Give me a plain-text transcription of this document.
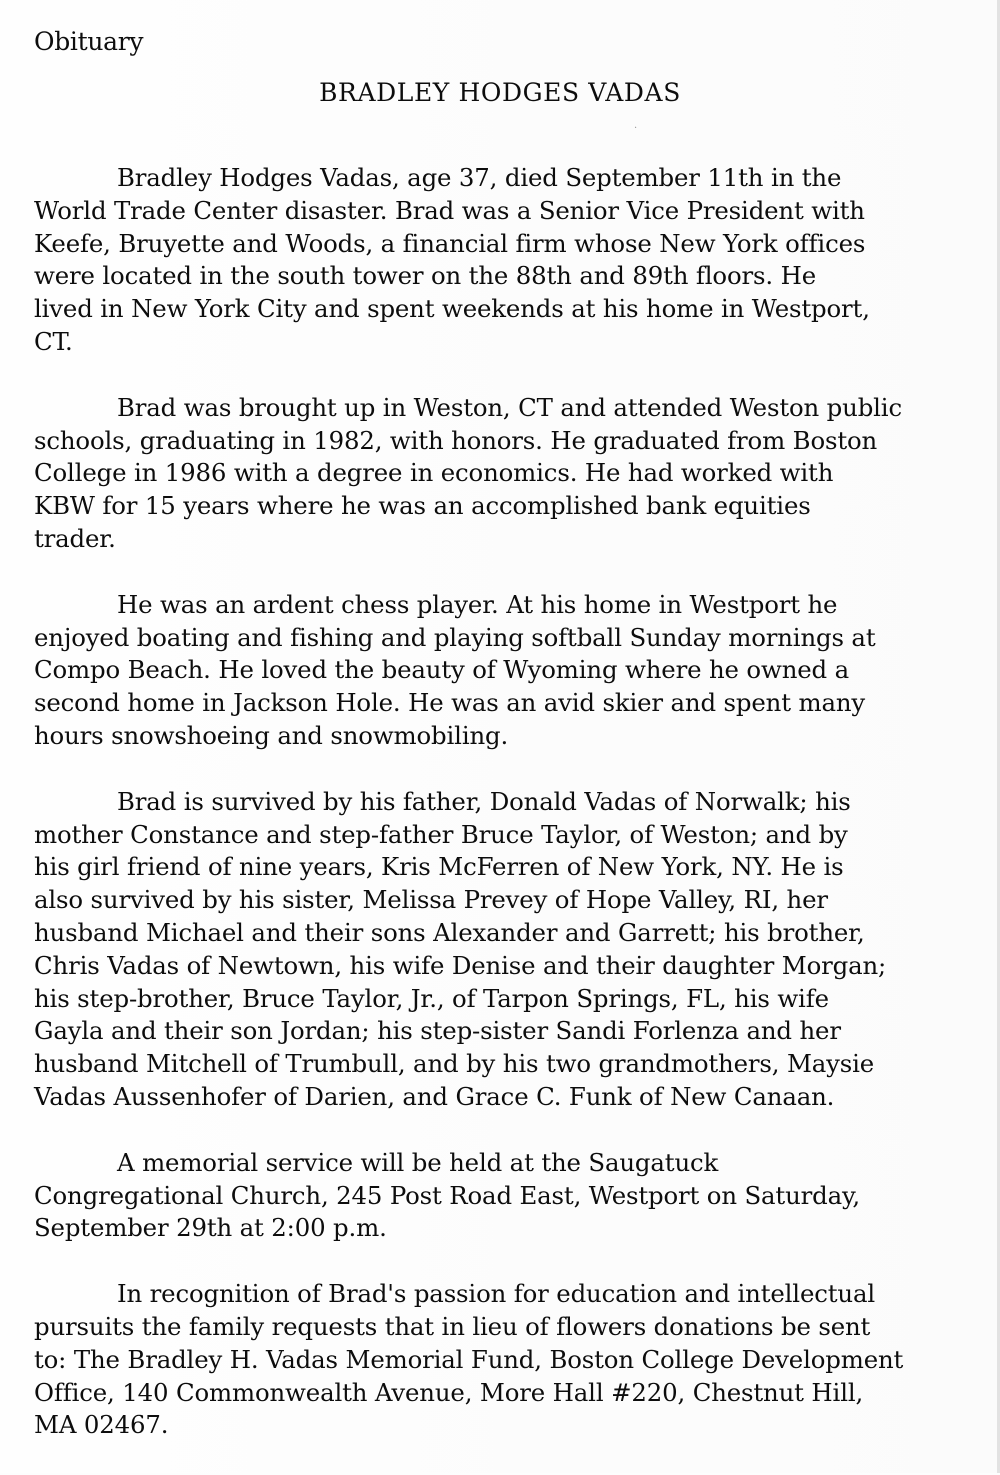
Obituary
BRADLEY HODGES VADAS
·

Bradley Hodges Vadas, age 37, died September 11th in the
World Trade Center disaster. Brad was a Senior Vice President with
Keefe, Bruyette and Woods, a financial firm whose New York offices
were located in the south tower on the 88th and 89th floors. He
lived in New York City and spent weekends at his home in Westport,
CT.

Brad was brought up in Weston, CT and attended Weston public
schools, graduating in 1982, with honors. He graduated from Boston
College in 1986 with a degree in economics. He had worked with
KBW for 15 years where he was an accomplished bank equities
trader.

He was an ardent chess player. At his home in Westport he
enjoyed boating and fishing and playing softball Sunday mornings at
Compo Beach. He loved the beauty of Wyoming where he owned a
second home in Jackson Hole. He was an avid skier and spent many
hours snowshoeing and snowmobiling.

Brad is survived by his father, Donald Vadas of Norwalk; his
mother Constance and step-father Bruce Taylor, of Weston; and by
his girl friend of nine years, Kris McFerren of New York, NY. He is
also survived by his sister, Melissa Prevey of Hope Valley, RI, her
husband Michael and their sons Alexander and Garrett; his brother,
Chris Vadas of Newtown, his wife Denise and their daughter Morgan;
his step-brother, Bruce Taylor, Jr., of Tarpon Springs, FL, his wife
Gayla and their son Jordan; his step-sister Sandi Forlenza and her
husband Mitchell of Trumbull, and by his two grandmothers, Maysie
Vadas Aussenhofer of Darien, and Grace C. Funk of New Canaan.

A memorial service will be held at the Saugatuck
Congregational Church, 245 Post Road East, Westport on Saturday,
September 29th at 2:00 p.m.

In recognition of Brad's passion for education and intellectual
pursuits the family requests that in lieu of flowers donations be sent
to: The Bradley H. Vadas Memorial Fund, Boston College Development
Office, 140 Commonwealth Avenue, More Hall #220, Chestnut Hill,
MA 02467.
